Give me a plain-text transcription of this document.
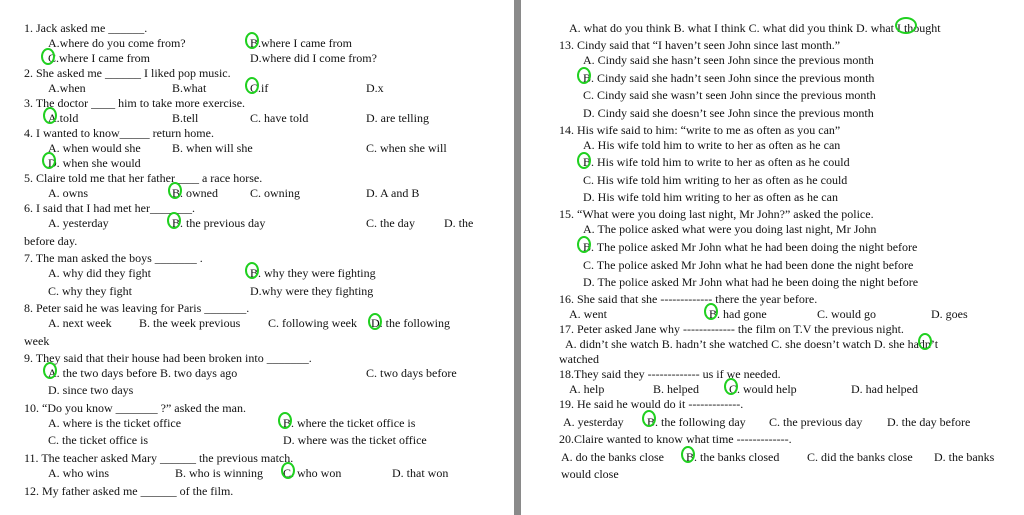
1. Jack asked me ______.
A.where do you come from?	B.where I came from
C.where I came from	D.where did I come from?
2. She asked me ______ I liked pop music.
A.when	B.what	C.if	D.x
3. The doctor ____ him to take more exercise.
A.told	B.tell	C. have told	D. are telling
4. I wanted to know_____ return home.
A. when would she	B. when will she	C. when she will
D. when she would
5. Claire told me that her father____ a race horse.
A. owns	B. owned	C. owning	D. A and B
6. I said that I had met her_______.
A. yesterday	B. the previous day	C. the day D. the
before day.
7. The man asked the boys _______ .
A. why did they fight	B. why they were fighting
C. why they fight	D.why were they fighting
8. Peter said he was leaving for Paris _______.
A. next week B. the week previous C. following week D. the following
week
9. They said that their house had been broken into _______.
A. the two days before B. two days ago	C. two days before
D. since two days
10. “Do you know _______ ?” asked the man.
A. where is the ticket office	B. where the ticket office is
C. the ticket office is	D. where was the ticket office
11. The teacher asked Mary ______ the previous match.
A. who wins	B. who is winning C. who won	D. that won
12. My father asked me ______ of the film.
A. what do you think B. what I think C. what did you think D. what I thought
13. Cindy said that “I haven’t seen John since last month.”
A. Cindy said she hasn’t seen John since the previous month
B. Cindy said she hadn’t seen John since the previous month
C. Cindy said she wasn’t seen John since the previous month
D. Cindy said she doesn’t see John since the previous month
14. His wife said to him: “write to me as often as you can”
A. His wife told him to write to her as often as he can
B. His wife told him to write to her as often as he could
C. His wife told him writing to her as often as he could
D. His wife told him writing to her as often as he can
15. “What were you doing last night, Mr John?” asked the police.
A. The police asked what were you doing last night, Mr John
B. The police asked Mr John what he had been doing the night before
C. The police asked Mr John what he had been done the night before
D. The police asked Mr John what had he been doing the night before
16. She said that she ------------- there the year before.
A. went	B. had gone	C. would go	D. goes
17. Peter asked Jane why ------------- the film on T.V the previous night.
A. didn’t she watch B. hadn’t she watched C. she doesn’t watch D. she hadn’t
watched
18.They said they ------------- us if we needed.
A. help	B. helped	C. would help	D. had helped
19. He said he would do it -------------.
A. yesterday B. the following day C. the previous day D. the day before
20.Claire wanted to know what time -------------.
A. do the banks close B. the banks closed C. did the banks close D. the banks
would close
